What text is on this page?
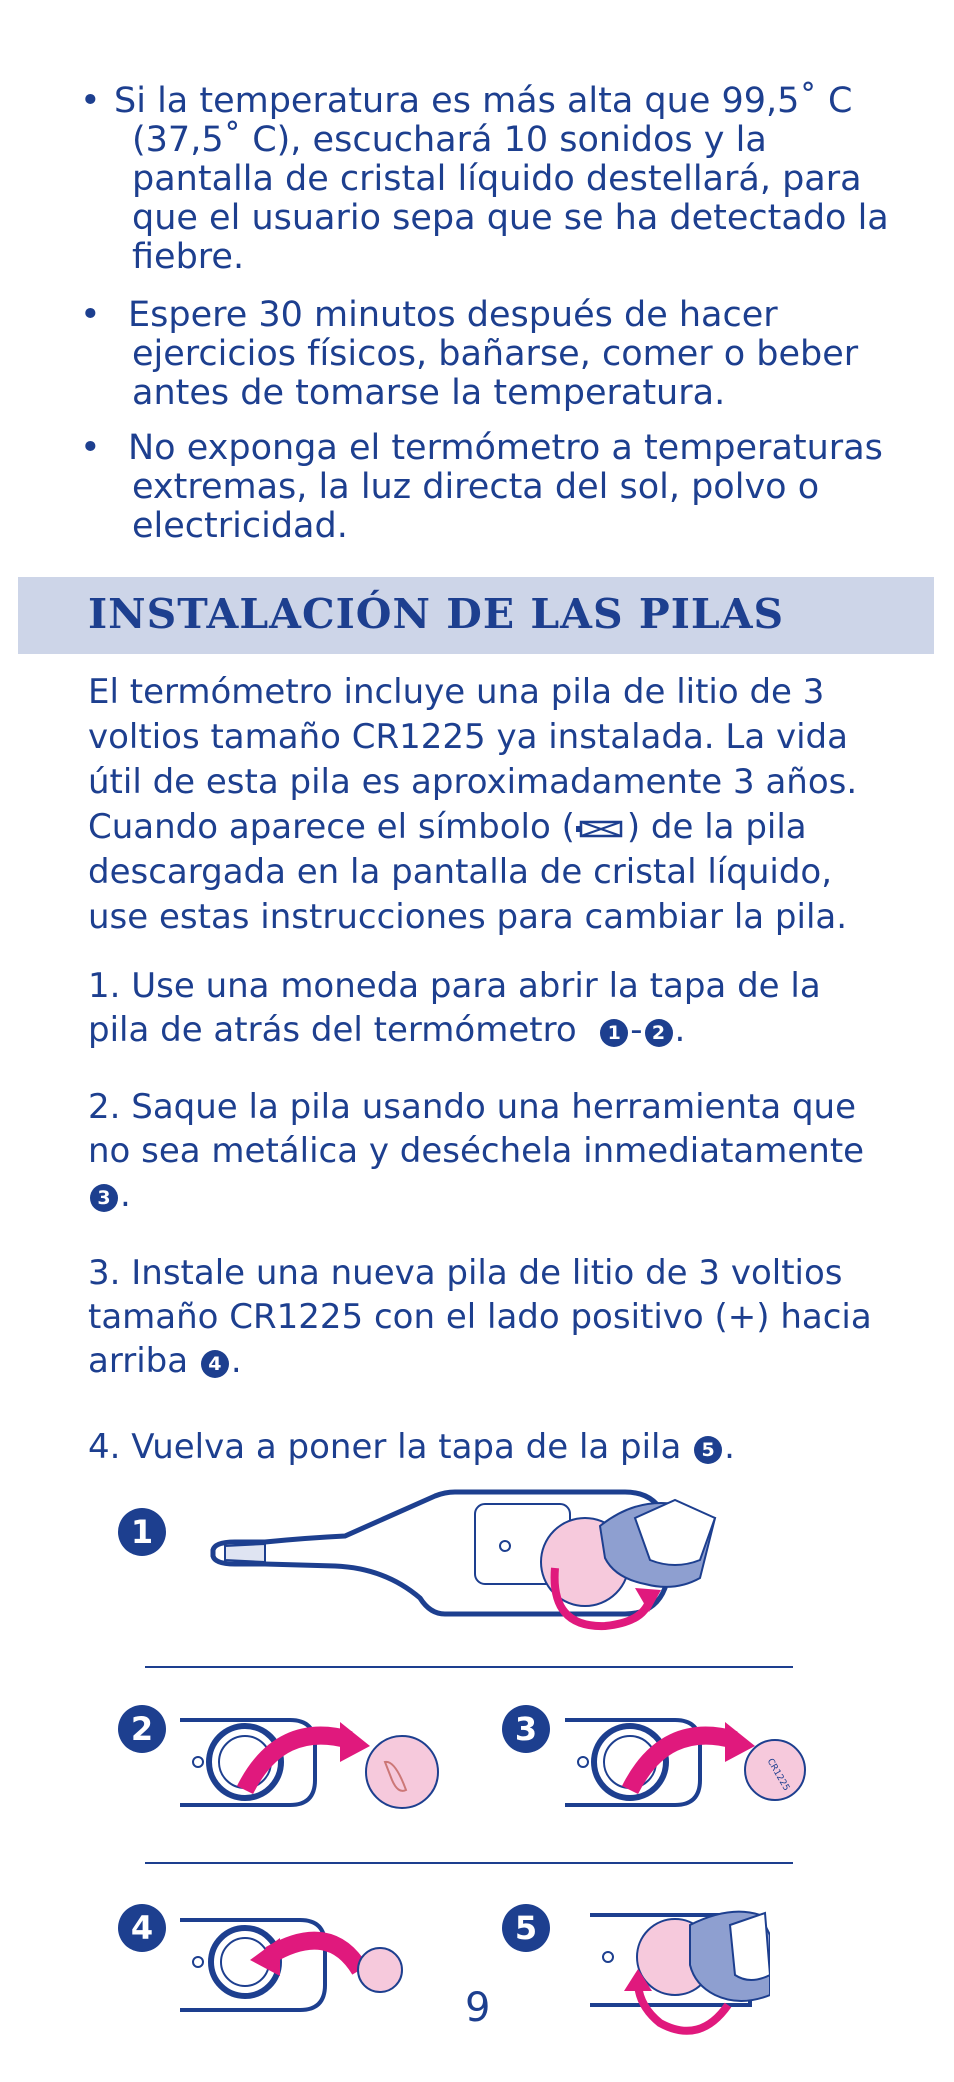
• Si la temperatura es más alta que 99,5˚ C
(37,5˚ C), escuchará 10 sonidos y la
pantalla de cristal líquido destellará, para
que el usuario sepa que se ha detectado la
fiebre.
• Espere 30 minutos después de hacer
ejercicios físicos, bañarse, comer o beber
antes de tomarse la temperatura.
• No exponga el termómetro a temperaturas
extremas, la luz directa del sol, polvo o
electricidad.
INSTALACIÓN DE LAS PILAS
El termómetro incluye una pila de litio de 3
voltios tamaño CR1225 ya instalada. La vida
útil de esta pila es aproximadamente 3 años.
Cuando aparece el símbolo ( ) de la pila
descargada en la pantalla de cristal líquido,
use estas instrucciones para cambiar la pila.
1. Use una moneda para abrir la tapa de la
pila de atrás del termómetro 1 - 2 .
2. Saque la pila usando una herramienta que
no sea metálica y deséchela inmediatamente
3 .
3. Instale una nueva pila de litio de 3 voltios
tamaño CR1225 con el lado positivo (+) hacia
arriba 4 .
4. Vuelva a poner la tapa de la pila 5 .
1
2	3
CR1225
4	5
9
